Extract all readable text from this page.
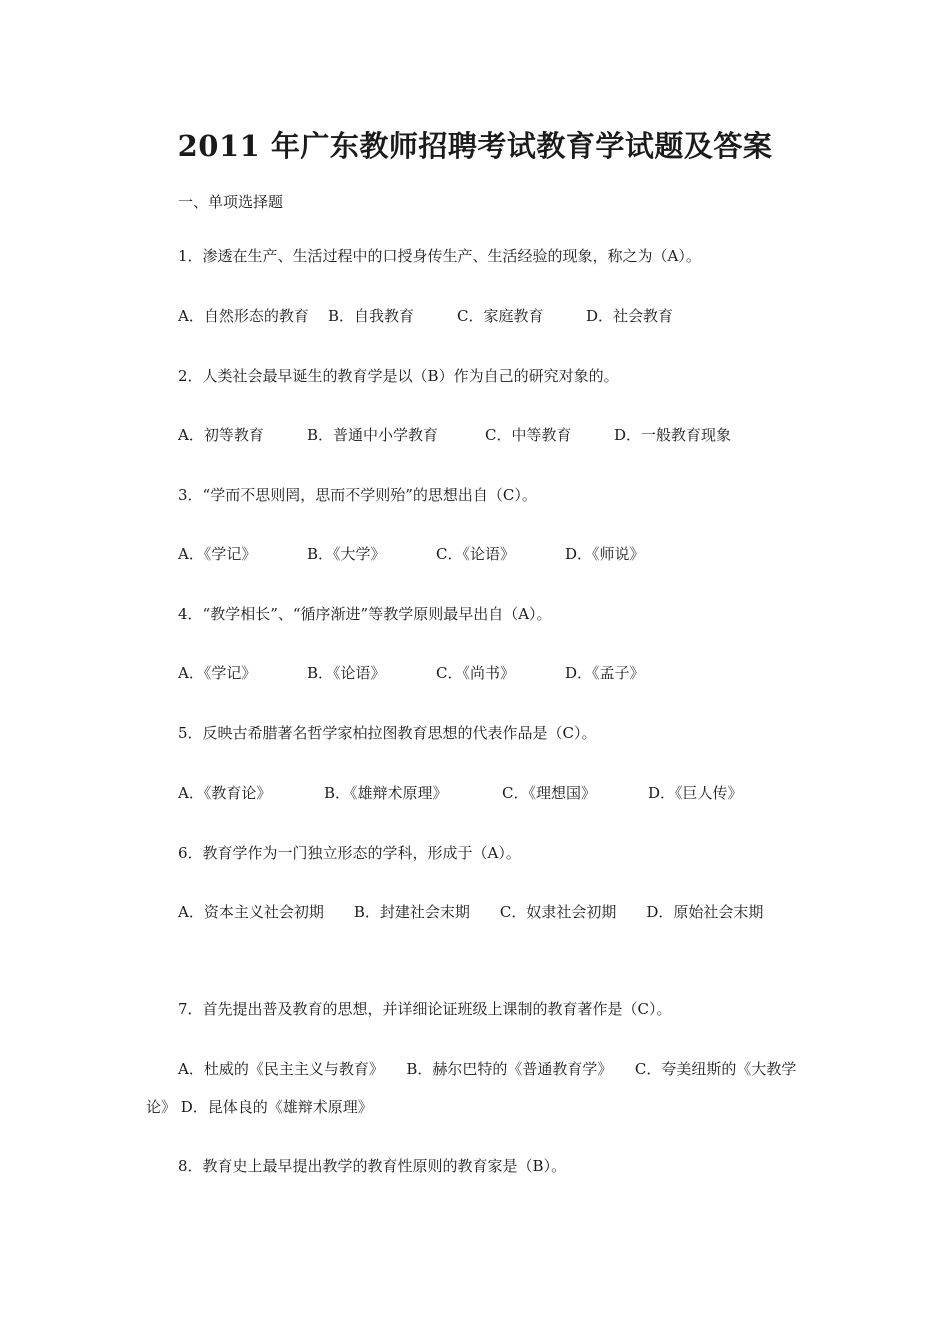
2011 年广东教师招聘考试教育学试题及答案
一、单项选择题
1．渗透在生产、生活过程中的口授身传生产、生活经验的现象，称之为（A）。
A．自然形态的教育 B．自我教育	C．家庭教育	D．社会教育
2．人类社会最早诞生的教育学是以（B）作为自己的研究对象的。
A．初等教育	B．普通中小学教育	C．中等教育	D．一般教育现象
3．“学而不思则罔，思而不学则殆”的思想出自（C）。
A．《学记》	B．《大学》	C．《论语》	D．《师说》
4．“教学相长”、“循序渐进”等教学原则最早出自（A）。
A．《学记》	B．《论语》	C．《尚书》	D．《孟子》
5．反映古希腊著名哲学家柏拉图教育思想的代表作品是（C）。
A．《教育论》	B．《雄辩术原理》	C．《理想国》	D．《巨人传》
6．教育学作为一门独立形态的学科，形成于（A）。
A．资本主义社会初期　　B．封建社会末期　　C．奴隶社会初期　　D．原始社会末期
7．首先提出普及教育的思想，并详细论证班级上课制的教育著作是（C）。
A．杜威的《民主主义与教育》　　B．赫尔巴特的《普通教育学》　　C．夸美纽斯的《大教学论》 D．昆体良的《雄辩术原理》
8．教育史上最早提出教学的教育性原则的教育家是（B）。
